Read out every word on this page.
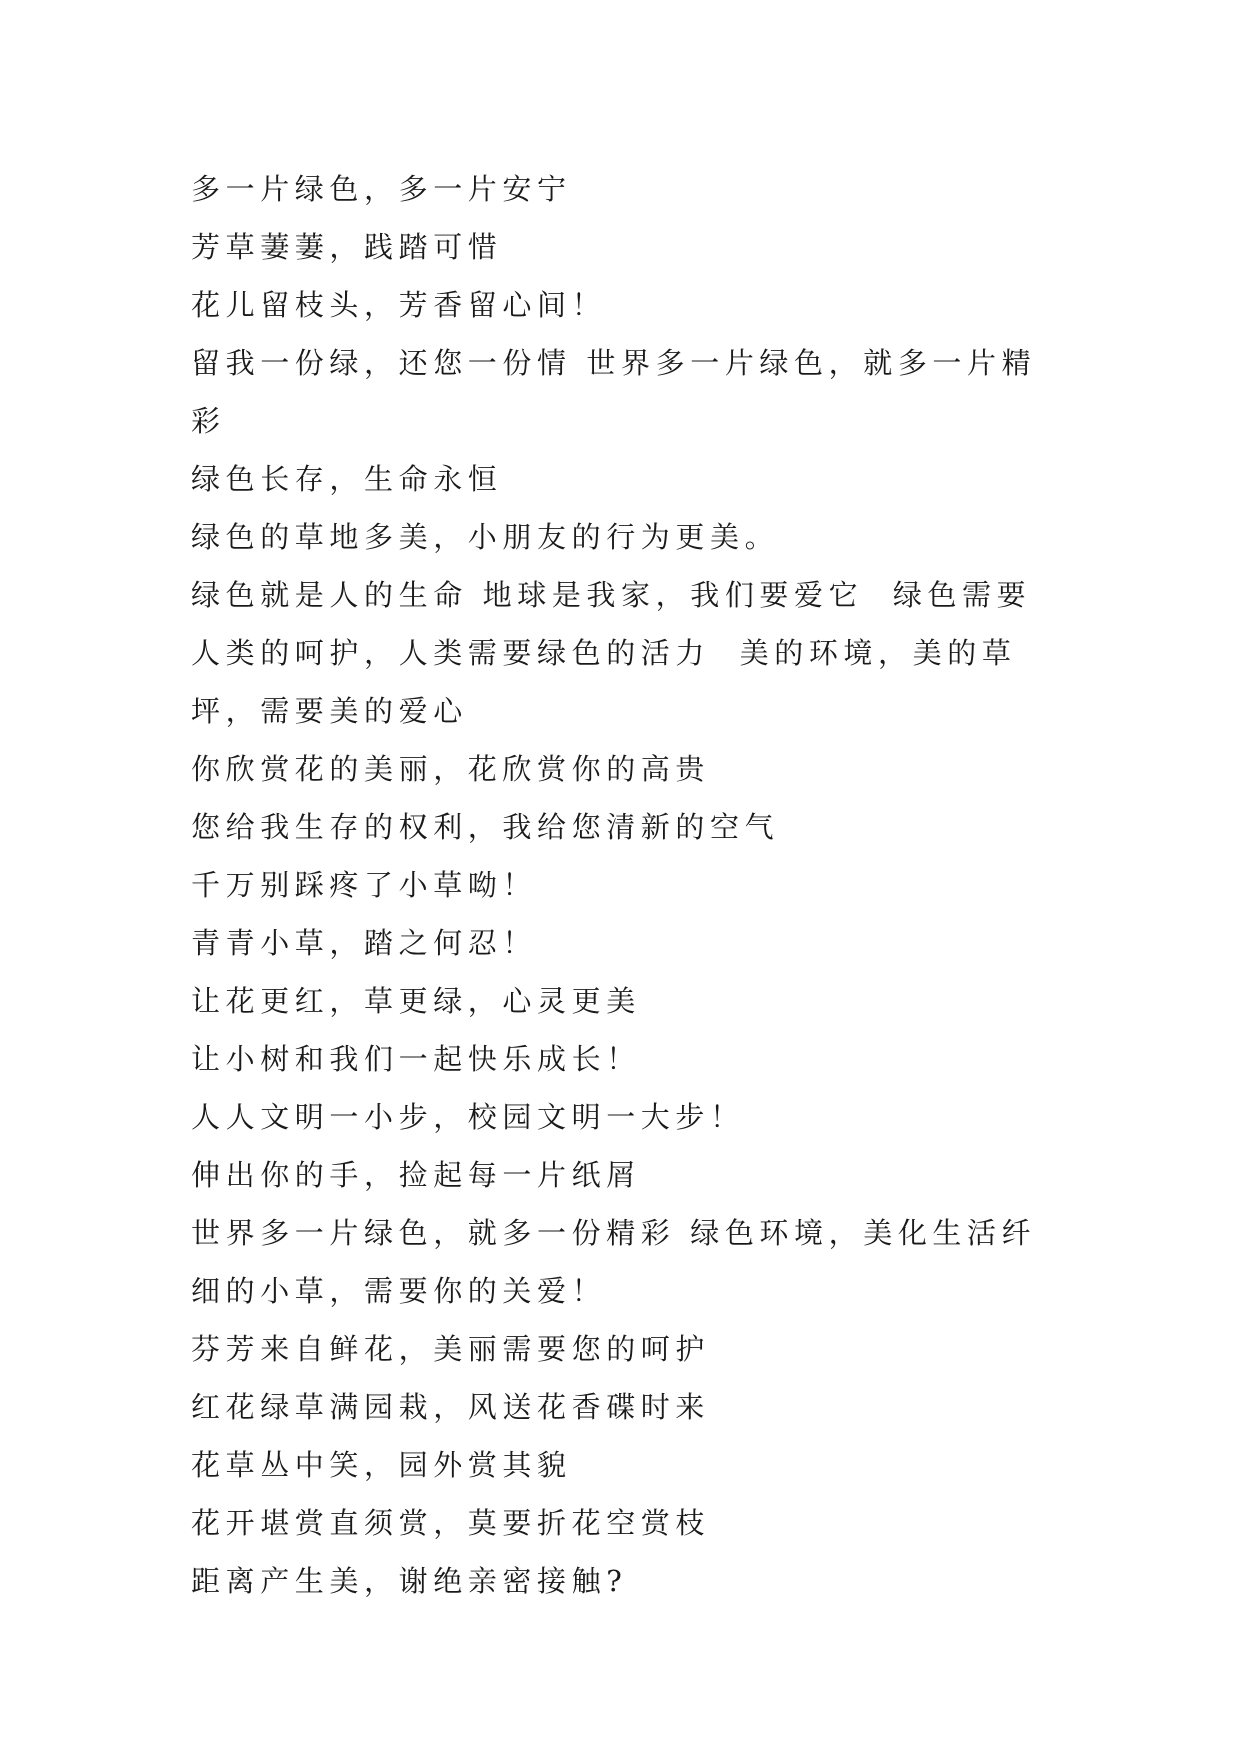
多一片绿色，多一片安宁

芳草萋萋，践踏可惜

花儿留枝头，芳香留心间！

留我一份绿，还您一份情 世界多一片绿色，就多一片精彩

绿色长存，生命永恒

绿色的草地多美，小朋友的行为更美。

绿色就是人的生命 地球是我家，我们要爱它  绿色需要人类的呵护，人类需要绿色的活力  美的环境，美的草坪，需要美的爱心

你欣赏花的美丽，花欣赏你的高贵

您给我生存的权利，我给您清新的空气

千万别踩疼了小草呦！

青青小草，踏之何忍！

让花更红，草更绿，心灵更美

让小树和我们一起快乐成长！

人人文明一小步，校园文明一大步！

伸出你的手，捡起每一片纸屑

世界多一片绿色，就多一份精彩 绿色环境，美化生活纤细的小草，需要你的关爱！

芬芳来自鲜花，美丽需要您的呵护

红花绿草满园栽，风送花香碟时来

花草丛中笑，园外赏其貌

花开堪赏直须赏，莫要折花空赏枝

距离产生美，谢绝亲密接触?
